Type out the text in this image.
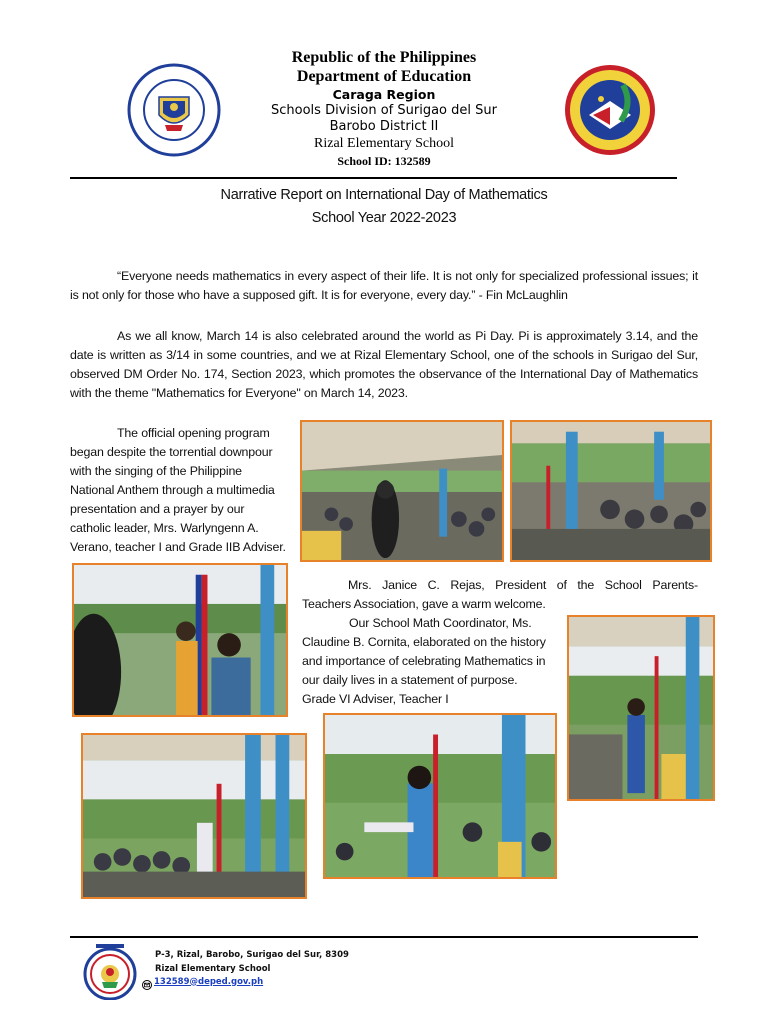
Republic of the Philippines
Department of Education
Caraga Region
Schools Division of Surigao del Sur
Barobo District II
Rizal Elementary School
School ID: 132589
Narrative Report on International Day of Mathematics
School Year 2022-2023
“Everyone needs mathematics in every aspect of their life. It is not only for specialized professional issues; it is not only for those who have a supposed gift. It is for everyone, every day.” - Fin McLaughlin
As we all know, March 14 is also celebrated around the world as Pi Day. Pi is approximately 3.14, and the date is written as 3/14 in some countries, and we at Rizal Elementary School, one of the schools in Surigao del Sur, observed DM Order No. 174, Section 2023, which promotes the observance of the International Day of Mathematics with the theme "Mathematics for Everyone" on March 14, 2023.
The official opening program
began despite the torrential downpour
with the singing of the Philippine
National Anthem through a multimedia
presentation and a prayer by our
catholic leader, Mrs. Warlyngenn A.
Verano, teacher I and Grade IIB Adviser.
Mrs. Janice C. Rejas, President of the School Parents-
Teachers Association, gave a warm welcome.
Our School Math Coordinator, Ms.
Claudine B. Cornita, elaborated on the history
and importance of celebrating Mathematics in
our daily lives in a statement of purpose.
Grade VI Adviser, Teacher I
P-3, Rizal, Barobo, Surigao del Sur, 8309
Rizal Elementary School
132589@deped.gov.ph
